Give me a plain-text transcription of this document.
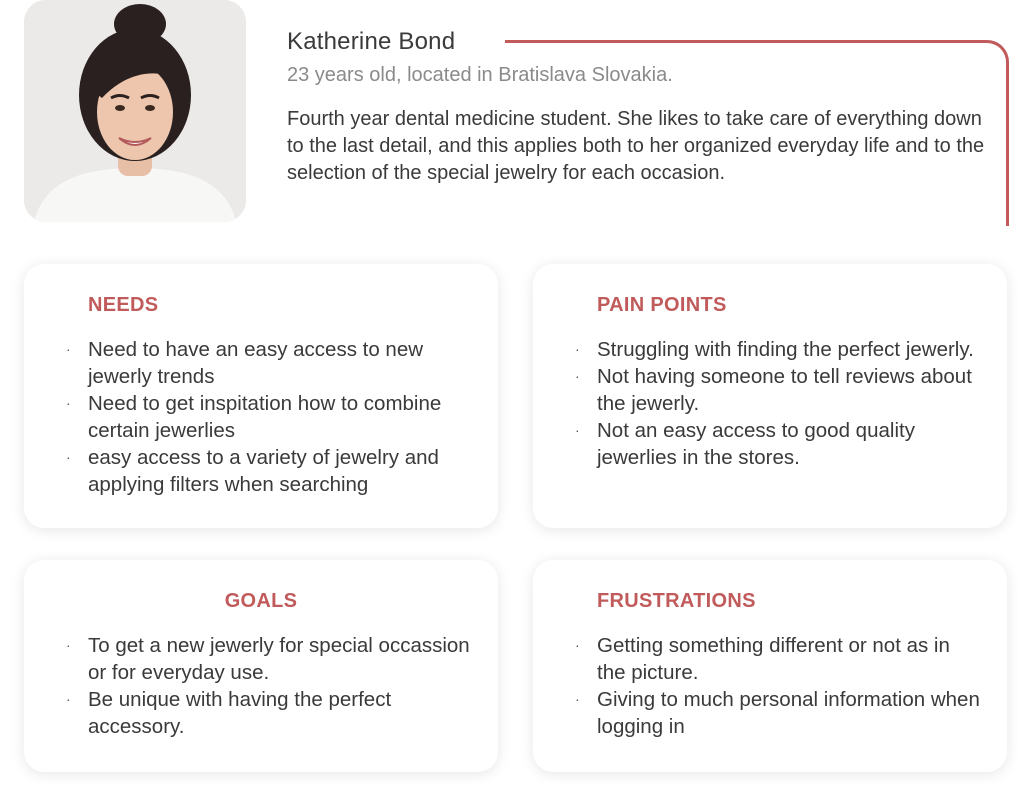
Katherine Bond
23 years old, located in Bratislava Slovakia.
Fourth year dental medicine student. She likes to take care of everything down to the last detail, and this applies both to her organized everyday life and to the selection of the special jewelry for each occasion.
NEEDS
· Need to have an easy access to new jewerly trends
· Need to get inspitation how to combine certain jewerlies
· easy access to a variety of jewelry and applying filters when searching
PAIN POINTS
· Struggling with finding the perfect jewerly.
· Not having someone to tell reviews about the jewerly.
· Not an easy access to good quality jewerlies in the stores.
GOALS
· To get a new jewerly for special occassion or for everyday use.
· Be unique with having the perfect accessory.
FRUSTRATIONS
· Getting something different or not as in the picture.
· Giving to much personal information when logging in
